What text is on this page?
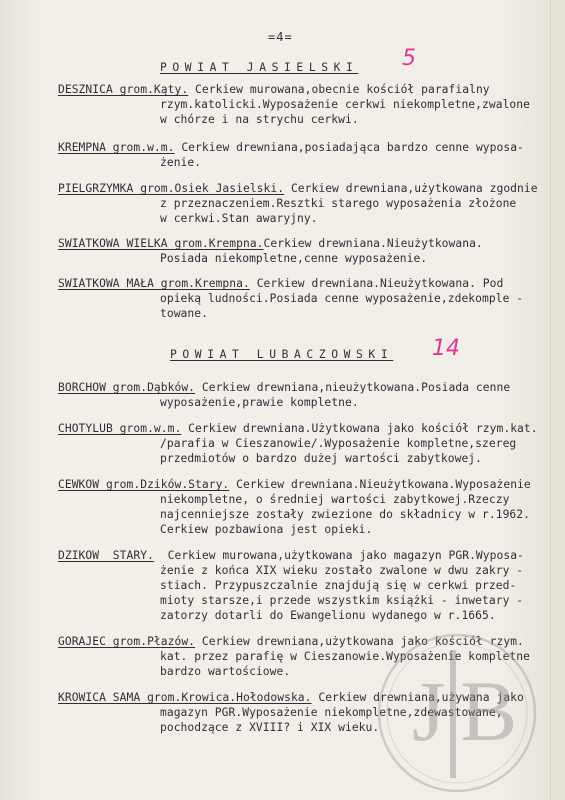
=4=
POWIAT JASIELSKI 5
DESZNICA grom.Kąty. Cerkiew murowana,obecnie kościół parafialny
rzym.katolicki.Wyposażenie cerkwi niekompletne,zwalone
w chórze i na strychu cerkwi.
KREMPNA grom.w.m. Cerkiew drewniana,posiadająca bardzo cenne wyposa-
żenie.
PIELGRZYMKA grom.Osiek Jasielski. Cerkiew drewniana,użytkowana zgodnie
z przeznaczeniem.Resztki starego wyposażenia złożone
w cerkwi.Stan awaryjny.
SWIATKOWA WIELKA grom.Krempna.Cerkiew drewniana.Nieużytkowana.
Posiada niekompletne,cenne wyposażenie.
SWIATKOWA MAŁA grom.Krempna. Cerkiew drewniana.Nieużytkowana. Pod
opieką ludności.Posiada cenne wyposażenie,zdekomple -
towane.
POWIAT LUBACZOWSKI 14
BORCHOW grom.Dąbków. Cerkiew drewniana,nieużytkowana.Posiada cenne
wyposażenie,prawie kompletne.
CHOTYLUB grom.w.m. Cerkiew drewniana.Użytkowana jako kościół rzym.kat.
/parafia w Cieszanowie/.Wyposażenie kompletne,szereg
przedmiotów o bardzo dużej wartości zabytkowej.
CEWKOW grom.Dzików.Stary. Cerkiew drewniana.Nieużytkowana.Wyposażenie
niekompletne, o średniej wartości zabytkowej.Rzeczy
najcenniejsze zostały zwiezione do składnicy w r.1962.
Cerkiew pozbawiona jest opieki.
DZIKOW  STARY.  Cerkiew murowana,użytkowana jako magazyn PGR.Wyposa-
żenie z końca XIX wieku zostało zwalone w dwu zakry -
stiach. Przypuszczalnie znajdują się w cerkwi przed-
mioty starsze,i przede wszystkim książki - inwetary -
zatorzy dotarli do Ewangelionu wydanego w r.1665.
GORAJEC grom.Płazów. Cerkiew drewniana,użytkowana jako kościół rzym.
kat. przez parafię w Cieszanowie.Wyposażenie kompletne
bardzo wartościowe.
KROWICA SAMA grom.Krowica.Hołodowska. Cerkiew drewniana,używana jako
magazyn PGR.Wyposażenie niekompletne,zdewastowane,
pochodzące z XVIII? i XIX wieku. J B
